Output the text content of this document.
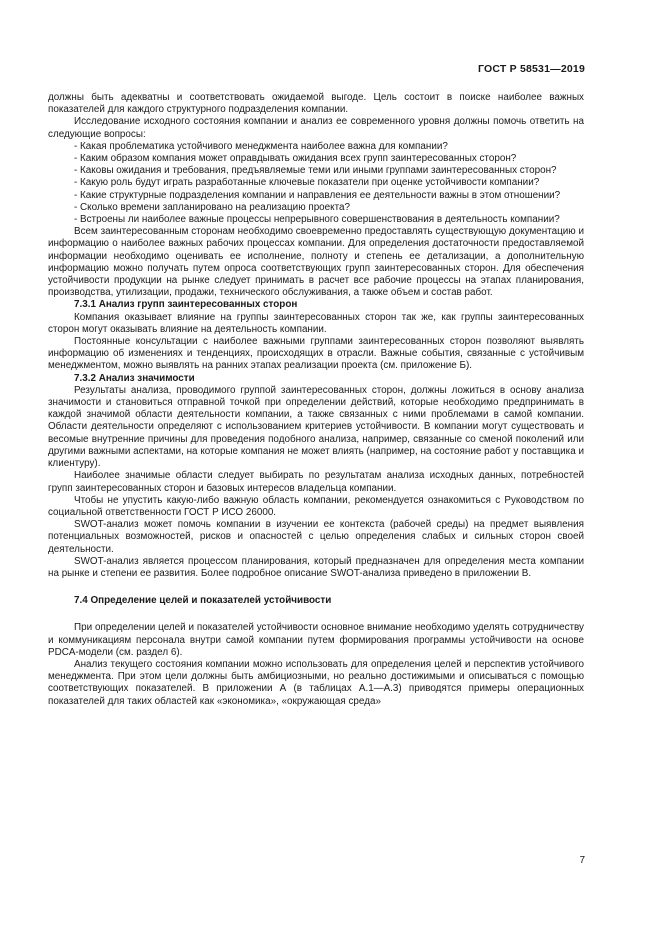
ГОСТ Р 58531—2019

должны быть адекватны и соответствовать ожидаемой выгоде. Цель состоит в поиске наиболее важных показателей для каждого структурного подразделения компании.

Исследование исходного состояния компании и анализ ее современного уровня должны помочь ответить на следующие вопросы:

- Какая проблематика устойчивого менеджмента наиболее важна для компании?

- Каким образом компания может оправдывать ожидания всех групп заинтересованных сторон?

- Каковы ожидания и требования, предъявляемые теми или иными группами заинтересованных сторон?

- Какую роль будут играть разработанные ключевые показатели при оценке устойчивости компании?

- Какие структурные подразделения компании и направления ее деятельности важны в этом отношении?

- Сколько времени запланировано на реализацию проекта?

- Встроены ли наиболее важные процессы непрерывного совершенствования в деятельность компании?

Всем заинтересованным сторонам необходимо своевременно предоставлять существующую документацию и информацию о наиболее важных рабочих процессах компании. Для определения достаточности предоставляемой информации необходимо оценивать ее исполнение, полноту и степень ее детализации, а дополнительную информацию можно получать путем опроса соответствующих групп заинтересованных сторон. Для обеспечения устойчивости продукции на рынке следует принимать в расчет все рабочие процессы на этапах планирования, производства, утилизации, продажи, технического обслуживания, а также объем и состав работ.

7.3.1 Анализ групп заинтересованных сторон

Компания оказывает влияние на группы заинтересованных сторон так же, как группы заинтересованных сторон могут оказывать влияние на деятельность компании.

Постоянные консультации с наиболее важными группами заинтересованных сторон позволяют выявлять информацию об изменениях и тенденциях, происходящих в отрасли. Важные события, связанные с устойчивым менеджментом, можно выявлять на ранних этапах реализации проекта (см. приложение Б).

7.3.2 Анализ значимости

Результаты анализа, проводимого группой заинтересованных сторон, должны ложиться в основу анализа значимости и становиться отправной точкой при определении действий, которые необходимо предпринимать в каждой значимой области деятельности компании, а также связанных с ними проблемами в самой компании. Области деятельности определяют с использованием критериев устойчивости. В компании могут существовать и весомые внутренние причины для проведения подобного анализа, например, связанные со сменой поколений или другими важными аспектами, на которые компания не может влиять (например, на состояние работ у поставщика и клиентуру).

Наиболее значимые области следует выбирать по результатам анализа исходных данных, потребностей групп заинтересованных сторон и базовых интересов владельца компании.

Чтобы не упустить какую-либо важную область компании, рекомендуется ознакомиться с Руководством по социальной ответственности ГОСТ Р ИСО 26000.

SWOT-анализ может помочь компании в изучении ее контекста (рабочей среды) на предмет выявления потенциальных возможностей, рисков и опасностей с целью определения слабых и сильных сторон своей деятельности.

SWOT-анализ является процессом планирования, который предназначен для определения места компании на рынке и степени ее развития. Более подробное описание SWOT-анализа приведено в приложении В.

7.4 Определение целей и показателей устойчивости

При определении целей и показателей устойчивости основное внимание необходимо уделять сотрудничеству и коммуникациям персонала внутри самой компании путем формирования программы устойчивости на основе PDCA-модели (см. раздел 6).

Анализ текущего состояния компании можно использовать для определения целей и перспектив устойчивого менеджмента. При этом цели должны быть амбициозными, но реально достижимыми и описываться с помощью соответствующих показателей. В приложении А (в таблицах А.1—А.3) приводятся примеры операционных показателей для таких областей как «экономика», «окружающая среда»

7
